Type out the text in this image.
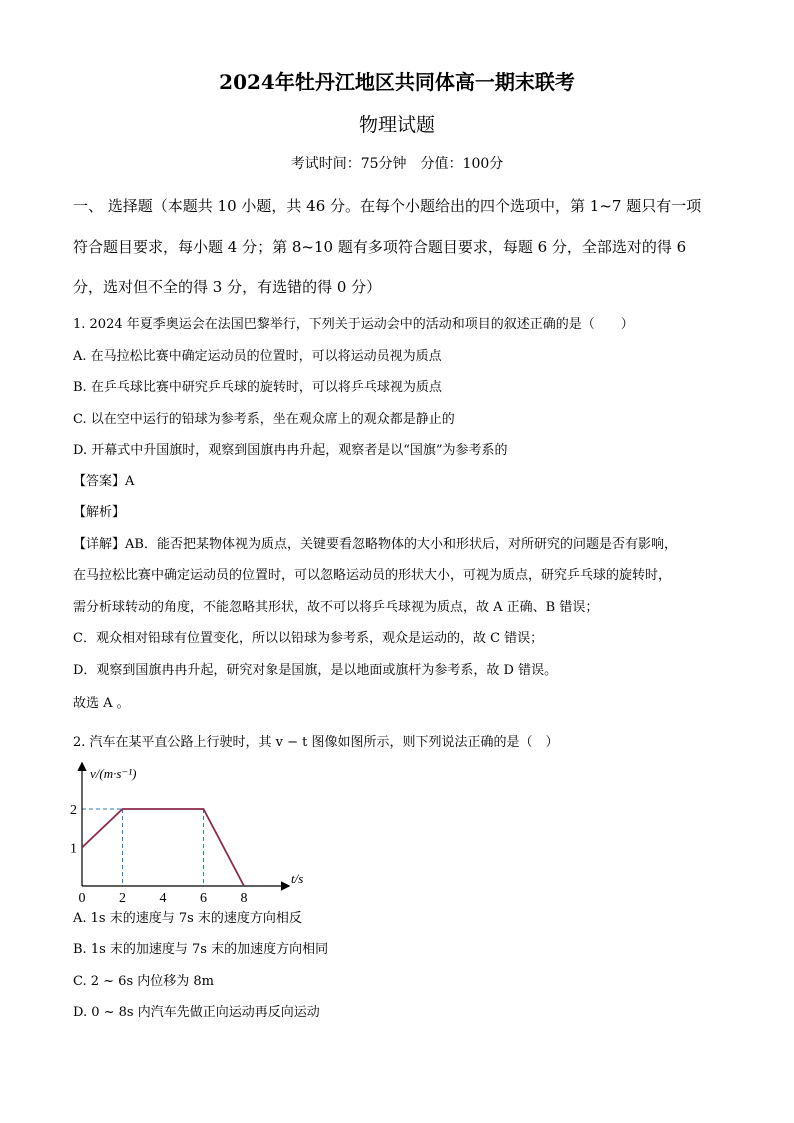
2024年牡丹江地区共同体高一期末联考
物理试题
考试时间：75分钟　分值：100分
一、 选择题（本题共 10 小题，共 46 分。在每个小题给出的四个选项中，第 1~7 题只有一项
符合题目要求，每小题 4 分；第 8~10 题有多项符合题目要求，每题 6 分，全部选对的得 6
分，选对但不全的得 3 分，有选错的得 0 分）
1. 2024 年夏季奥运会在法国巴黎举行，下列关于运动会中的活动和项目的叙述正确的是（　　）
A. 在马拉松比赛中确定运动员的位置时，可以将运动员视为质点
B. 在乒乓球比赛中研究乒乓球的旋转时，可以将乒乓球视为质点
C. 以在空中运行的铅球为参考系，坐在观众席上的观众都是静止的
D. 开幕式中升国旗时，观察到国旗冉冉升起，观察者是以“国旗”为参考系的
【答案】A
【解析】
【详解】AB．能否把某物体视为质点，关键要看忽略物体的大小和形状后，对所研究的问题是否有影响，
在马拉松比赛中确定运动员的位置时，可以忽略运动员的形状大小，可视为质点，研究乒乓球的旋转时，
需分析球转动的角度，不能忽略其形状，故不可以将乒乓球视为质点，故 A 正确、B 错误；
C．观众相对铅球有位置变化，所以以铅球为参考系，观众是运动的，故 C 错误；
D．观察到国旗冉冉升起，研究对象是国旗，是以地面或旗杆为参考系，故 D 错误。
故选 A 。
2. 汽车在某平直公路上行驶时，其 v − t 图像如图所示，则下列说法正确的是（　）
0 2 4 6 8
1
2
v/(m·s⁻¹)
t/s
A. 1s 末的速度与 7s 末的速度方向相反
B. 1s 末的加速度与 7s 末的加速度方向相同
C. 2 ~ 6s 内位移为 8m
D. 0 ~ 8s 内汽车先做正向运动再反向运动
